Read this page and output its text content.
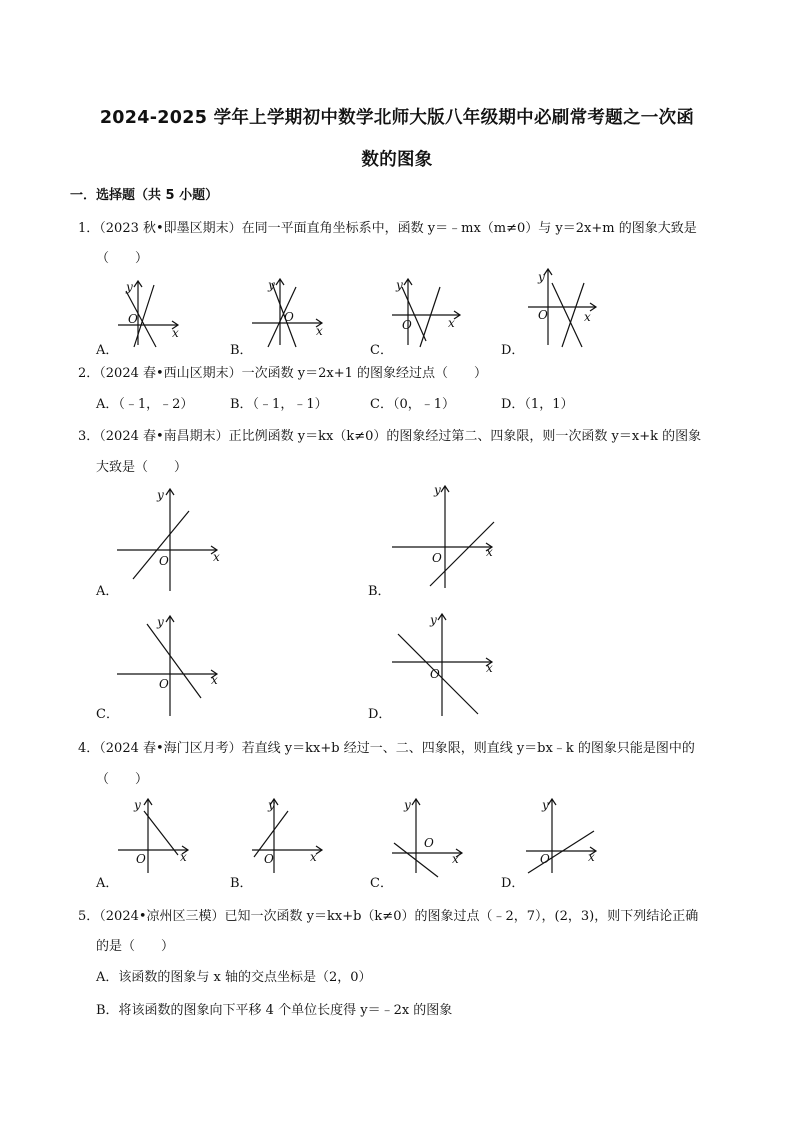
2024-2025 学年上学期初中数学北师大版八年级期中必刷常考题之一次函
数的图象
一．选择题（共 5 小题）
1．（2023 秋•即墨区期末）在同一平面直角坐标系中，函数 y＝﹣mx（m≠0）与 y＝2x+m 的图象大致是
（　　）
y
x
O
A．
y
x
O
B．
y
x
O
C．
y
x
O
D．
2．（2024 春•西山区期末）一次函数 y＝2x+1 的图象经过点（　　）
A．（﹣1，﹣2）	B．（﹣1，﹣1）	C．（0，﹣1）	D．（1，1）
3．（2024 春•南昌期末）正比例函数 y＝kx（k≠0）的图象经过第二、四象限，则一次函数 y＝x+k 的图象
大致是（　　）
y
x
O
A．
y
x
O
B．
y
x
O
C．
y
x
O
D．
4．（2024 春•海门区月考）若直线 y＝kx+b 经过一、二、四象限，则直线 y＝bx﹣k 的图象只能是图中的
（　　）
y
x
O
A．
y
x
O
B．
y
x
O
C．
y
x
O
D．
5．（2024•凉州区三模）已知一次函数 y＝kx+b（k≠0）的图象过点（﹣2，7），(2，3)，则下列结论正确
的是（　　）
A．该函数的图象与 x 轴的交点坐标是（2，0）
B．将该函数的图象向下平移 4 个单位长度得 y＝﹣2x 的图象
